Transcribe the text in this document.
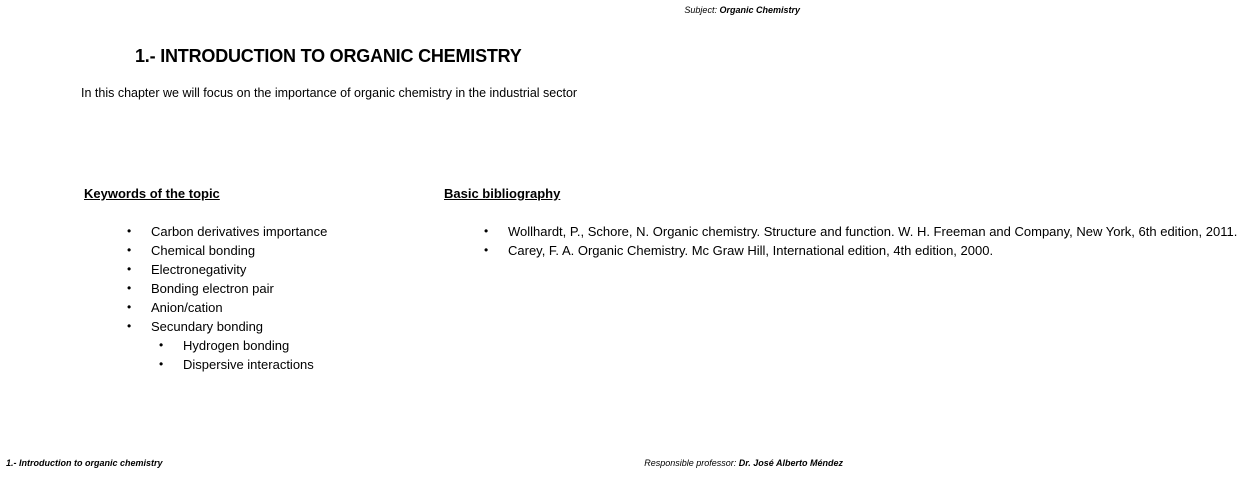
Subject: Organic Chemistry
1.- INTRODUCTION TO ORGANIC CHEMISTRY
In this chapter we will focus on the importance of organic chemistry in the industrial sector
Keywords of the topic
• Carbon derivatives importance
• Chemical bonding
• Electronegativity
• Bonding electron pair
• Anion/cation
• Secundary bonding
• Hydrogen bonding
• Dispersive interactions
Basic bibliography
• Wollhardt, P., Schore, N. Organic chemistry. Structure and function. W. H. Freeman and Company, New York, 6th edition, 2011.
• Carey, F. A. Organic Chemistry. Mc Graw Hill, International edition, 4th edition, 2000.
1.- Introduction to organic chemistry	Responsible professor: Dr. José Alberto Méndez
